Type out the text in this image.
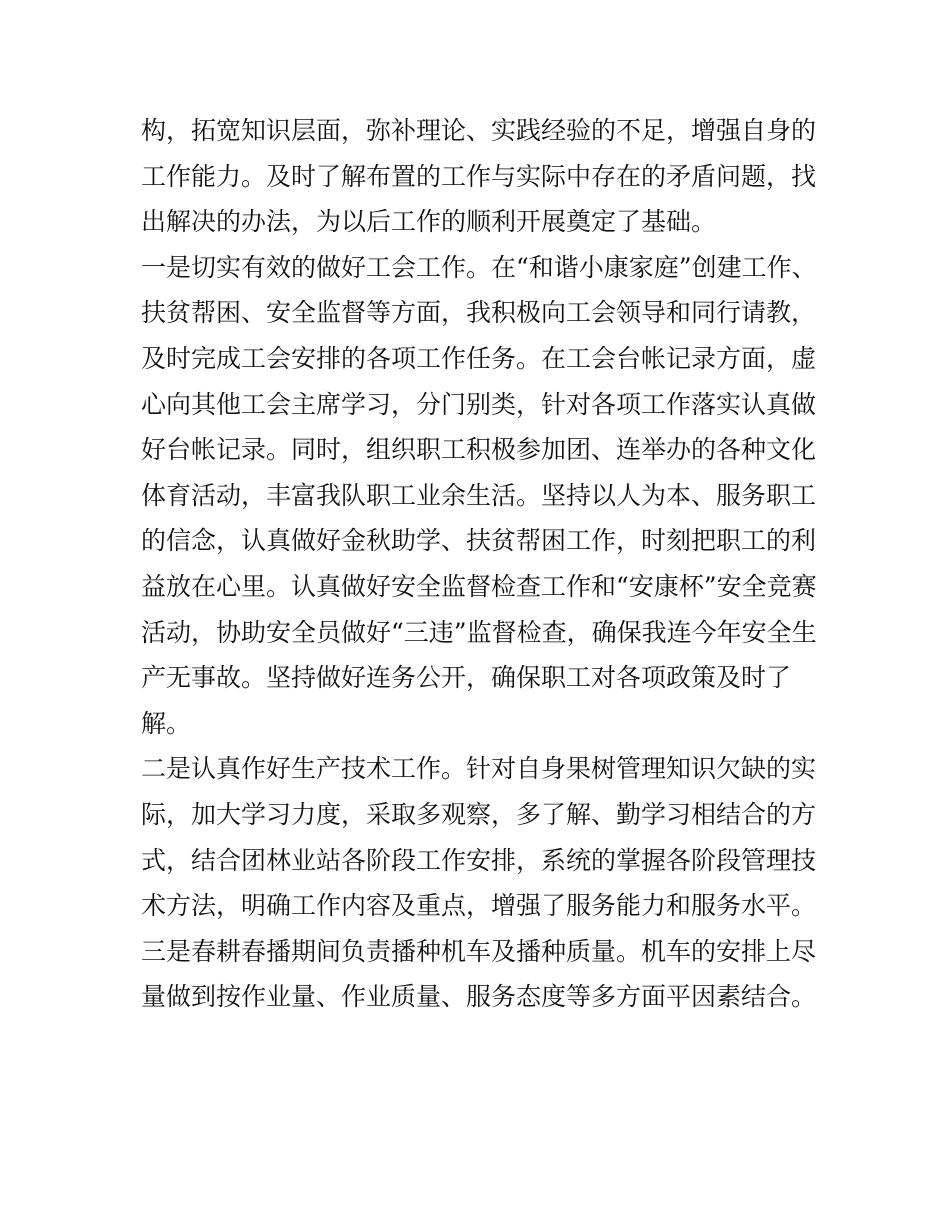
构，拓宽知识层面，弥补理论、实践经验的不足，增强自身的
工作能力。及时了解布置的工作与实际中存在的矛盾问题，找
出解决的办法，为以后工作的顺利开展奠定了基础。
一是切实有效的做好工会工作。在“和谐小康家庭”创建工作、
扶贫帮困、安全监督等方面，我积极向工会领导和同行请教，
及时完成工会安排的各项工作任务。在工会台帐记录方面，虚
心向其他工会主席学习，分门别类，针对各项工作落实认真做
好台帐记录。同时，组织职工积极参加团、连举办的各种文化
体育活动，丰富我队职工业余生活。坚持以人为本、服务职工
的信念，认真做好金秋助学、扶贫帮困工作，时刻把职工的利
益放在心里。认真做好安全监督检查工作和“安康杯”安全竞赛
活动，协助安全员做好“三违”监督检查，确保我连今年安全生
产无事故。坚持做好连务公开，确保职工对各项政策及时了
解。
二是认真作好生产技术工作。针对自身果树管理知识欠缺的实
际，加大学习力度，采取多观察，多了解、勤学习相结合的方
式，结合团林业站各阶段工作安排，系统的掌握各阶段管理技
术方法，明确工作内容及重点，增强了服务能力和服务水平。
三是春耕春播期间负责播种机车及播种质量。机车的安排上尽
量做到按作业量、作业质量、服务态度等多方面平因素结合。
